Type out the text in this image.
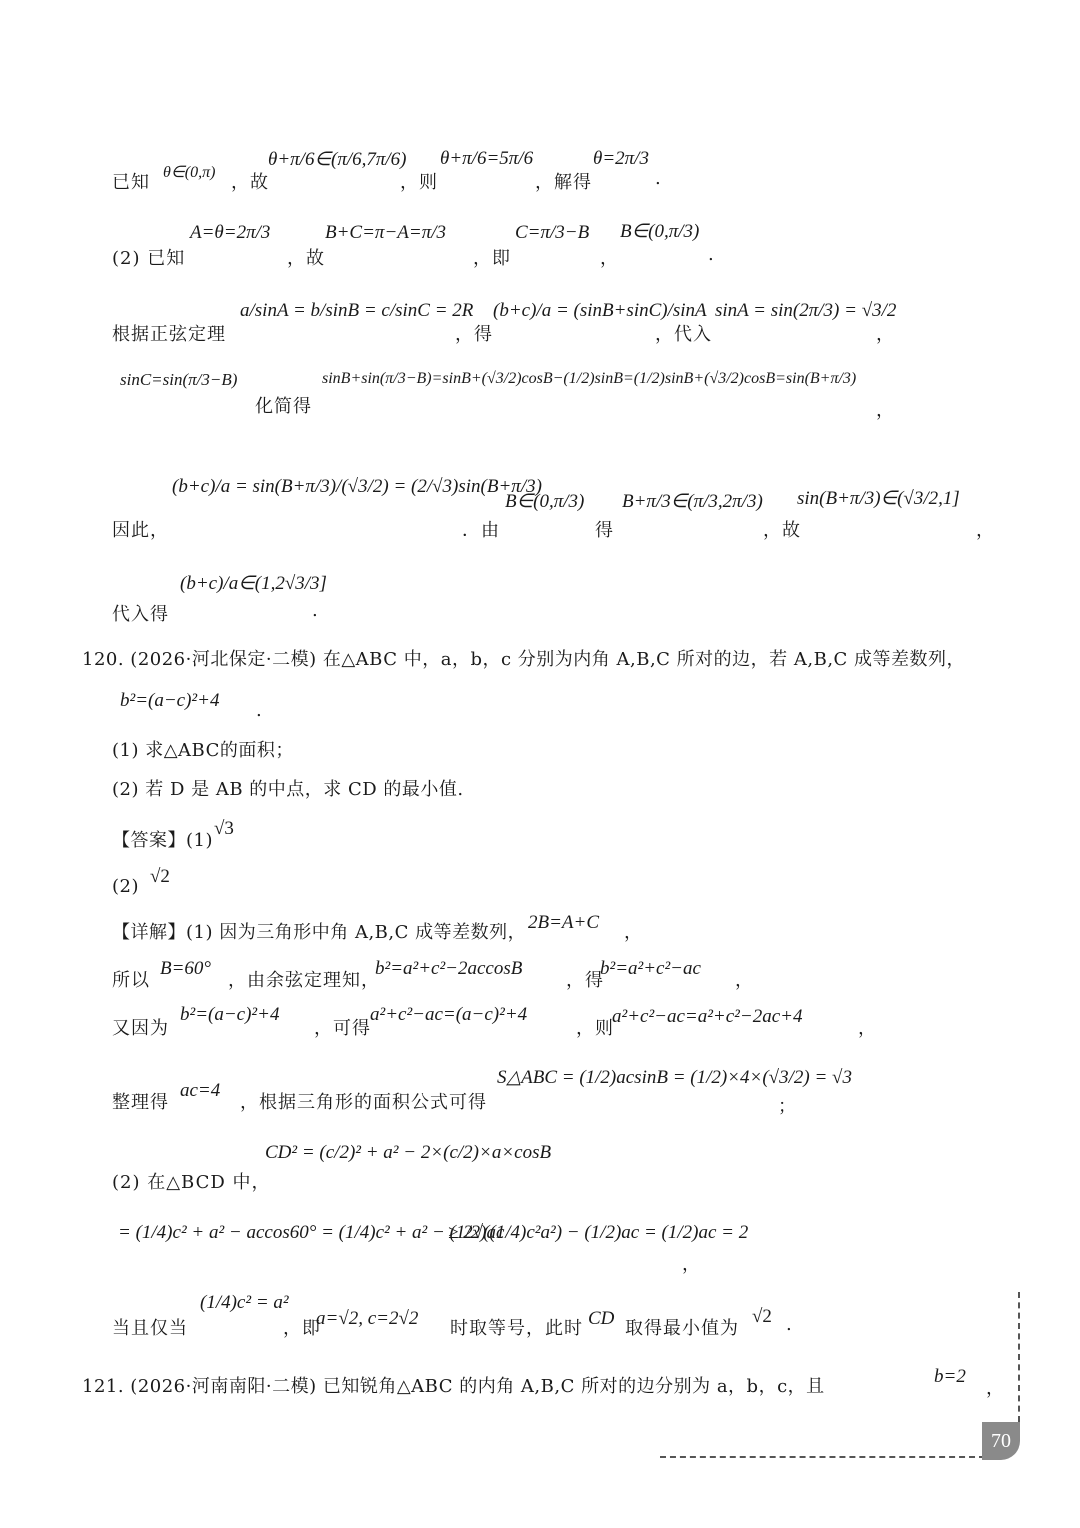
已知 θ∈(0,π) ，故
θ+π/6∈(π/6,7π/6)
，则
θ+π/6=5π/6
，解得
θ=2π/3
.
(2) 已知
A=θ=2π/3
，故
B+C=π−A=π/3
，即
C=π/3−B
，
B∈(0,π/3)
.
根据正弦定理
a/sinA = b/sinB = c/sinC = 2R
，得
(b+c)/a = (sinB+sinC)/sinA
，代入
sinA = sin(2π/3) = √3/2
，
sinC=sin(π/3−B)
化简得
sinB+sin(π/3−B)=sinB+(√3/2)cosB−(1/2)sinB=(1/2)sinB+(√3/2)cosB=sin(B+π/3)
，
因此，
(b+c)/a = sin(B+π/3)/(√3/2) = (2/√3)sin(B+π/3)
．由
B∈(0,π/3)
得
B+π/3∈(π/3,2π/3)
，故
sin(B+π/3)∈(√3/2,1]
，
代入得
(b+c)/a∈(1,2√3/3]
.
120. (2026·河北保定·二模) 在△ABC 中，a，b，c 分别为内角 A,B,C 所对的边，若 A,B,C 成等差数列，
b²=(a−c)²+4 .
(1) 求△ABC的面积；
(2) 若 D 是 AB 的中点，求 CD 的最小值.
【答案】(1)
√3
(2) √2
【详解】(1) 因为三角形中角 A,B,C 成等差数列， 2B=A+C ，
所以
B=60°
，由余弦定理知，
b²=a²+c²−2accosB
，得
b²=a²+c²−ac
，
又因为
b²=(a−c)²+4
，可得
a²+c²−ac=(a−c)²+4
，则
a²+c²−ac=a²+c²−2ac+4
，
整理得
ac=4
，根据三角形的面积公式可得
S△ABC = (1/2)acsinB = (1/2)×4×(√3/2) = √3
；
(2) 在△BCD 中，
CD² = (c/2)² + a² − 2×(c/2)×a×cosB
= (1/4)c² + a² − accos60° = (1/4)c² + a² − (1/2)ac
≥ 2√((1/4)c²a²) − (1/2)ac = (1/2)ac = 2
，
当且仅当
(1/4)c² = a²
，即
a=√2, c=2√2 时取等号，此时 CD 取得最小值为
√2 .
121. (2026·河南南阳·二模) 已知锐角△ABC 的内角 A,B,C 所对的边分别为 a，b，c，且	b=2
，
70
